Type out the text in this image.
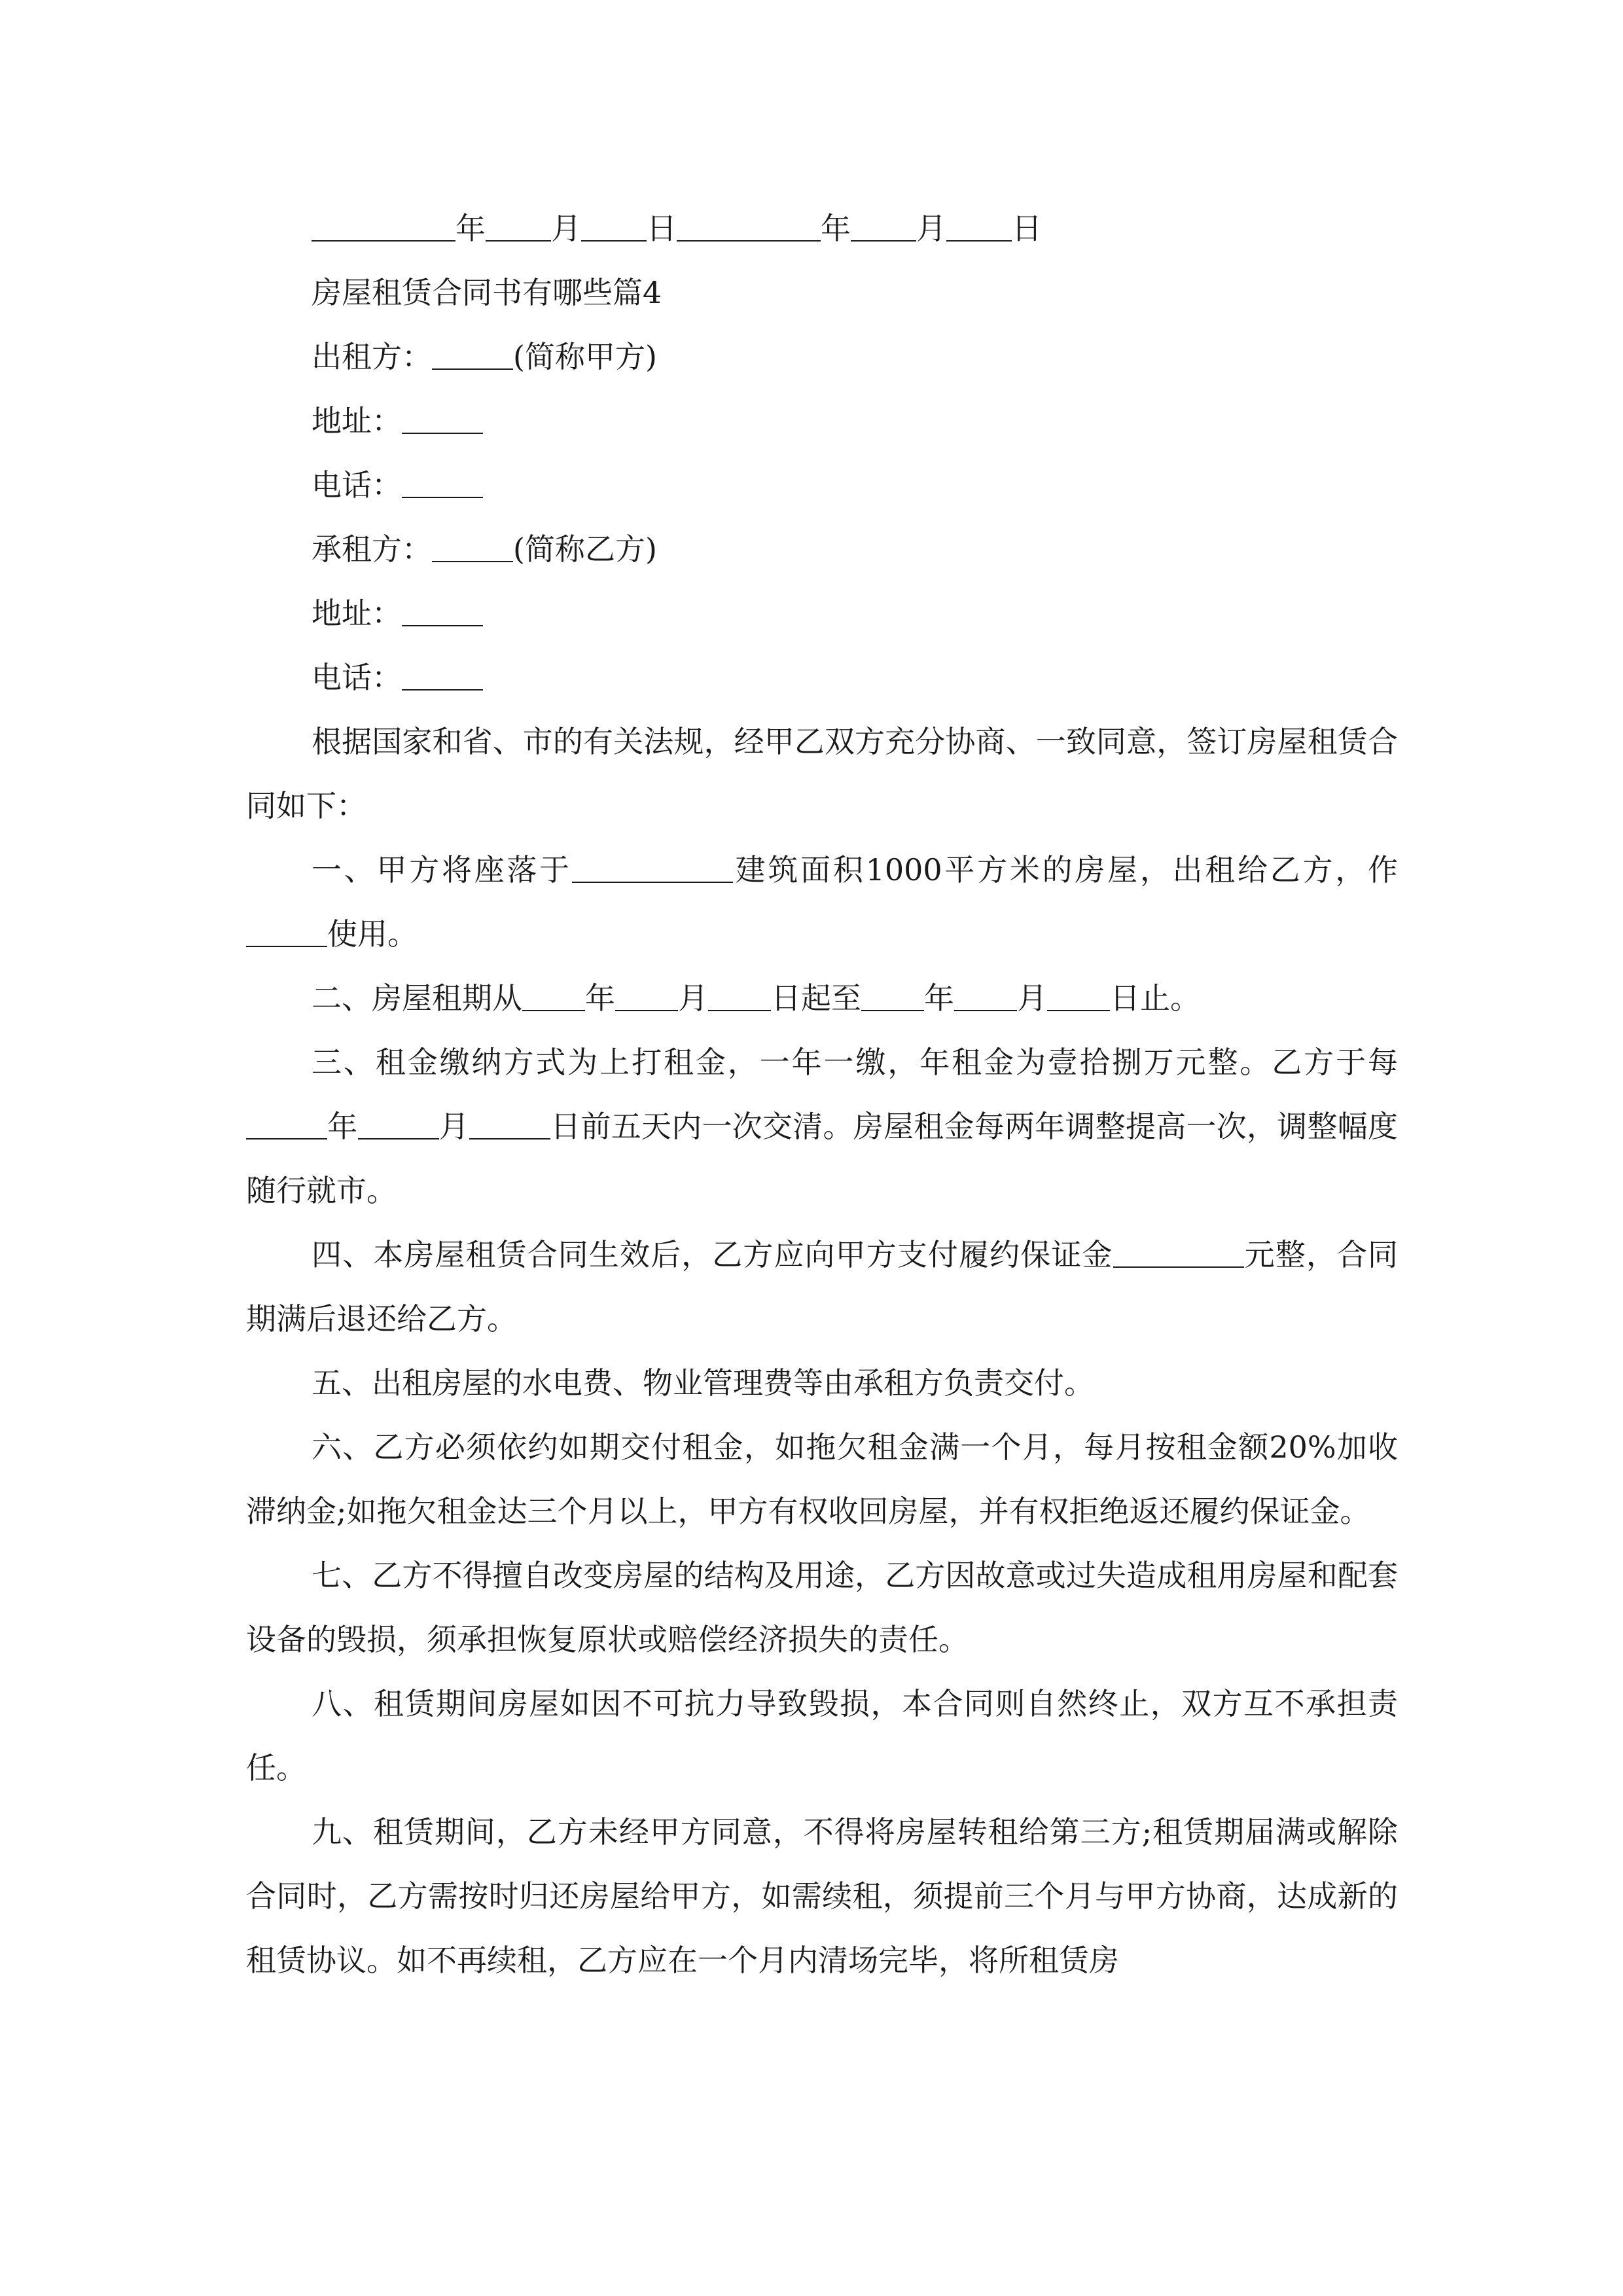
年 月 日	年 月 日

房屋租赁合同书有哪些篇4

出租方：	(简称甲方)

地址：

电话：

承租方：	(简称乙方)

地址：

电话：

根据国家和省、市的有关法规，经甲乙双方充分协商、一致同意，签订房屋租赁合同如下：

一、甲方将座落于	建筑面积1000平方米的房屋，出租给乙方，作使用。

二、房屋租期从 年 月 日起至 年 月 日止。

三、租金缴纳方式为上打租金，一年一缴，年租金为壹拾捌万元整。乙方于每年	月	日前五天内一次交清。房屋租金每两年调整提高一次，调整幅度随行就市。

四、本房屋租赁合同生效后，乙方应向甲方支付履约保证金	元整，合同期满后退还给乙方。

五、出租房屋的水电费、物业管理费等由承租方负责交付。

六、乙方必须依约如期交付租金，如拖欠租金满一个月，每月按租金额20%加收滞纳金;如拖欠租金达三个月以上，甲方有权收回房屋，并有权拒绝返还履约保证金。

七、乙方不得擅自改变房屋的结构及用途，乙方因故意或过失造成租用房屋和配套设备的毁损，须承担恢复原状或赔偿经济损失的责任。

八、租赁期间房屋如因不可抗力导致毁损，本合同则自然终止，双方互不承担责任。

九、租赁期间，乙方未经甲方同意，不得将房屋转租给第三方;租赁期届满或解除合同时，乙方需按时归还房屋给甲方，如需续租，须提前三个月与甲方协商，达成新的租赁协议。如不再续租，乙方应在一个月内清场完毕，将所租赁房
